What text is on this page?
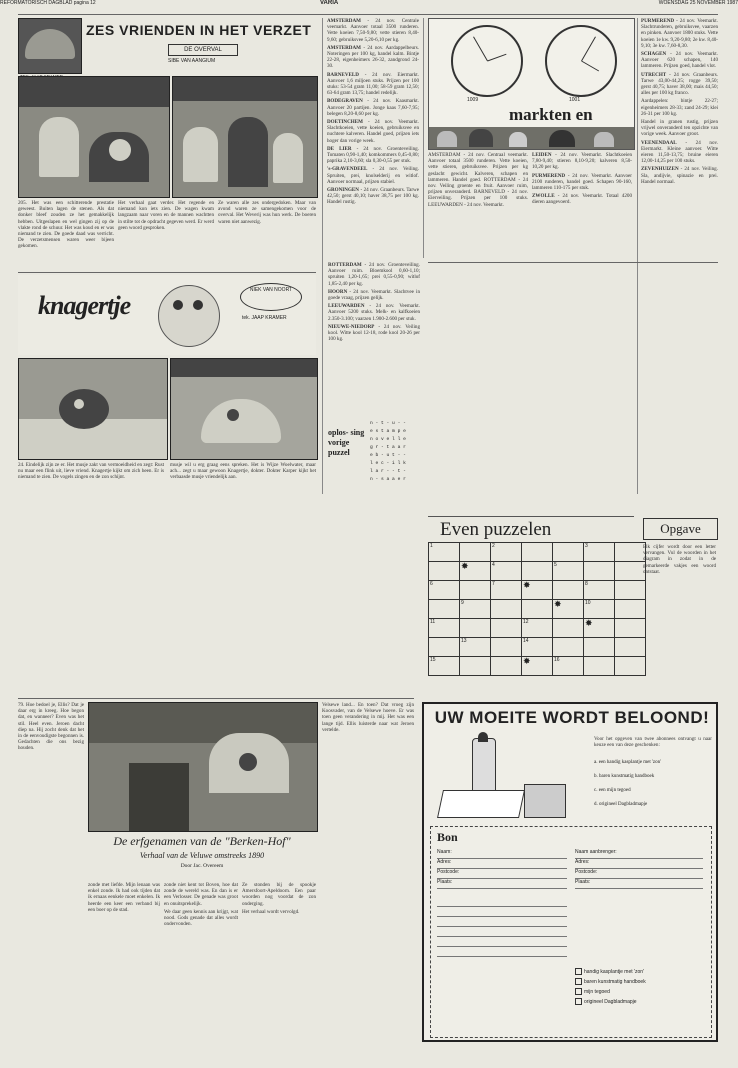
REFORMATORISCH DAGBLAD pagina 12	VARIA	WOENSDAG 25 NOVEMBER 1987
ZES VRIENDEN IN HET VERZET
DE OVERVAL
SIBE VAN AANGIUM
205. Het was een schitterende prestatie geweest. Buiten lagen de stenen. Als dat donker bleef zouden ze het gemakkelijk hebben. Uitgeslapen en wel gingen zij op de vlakte rond de schuur. Het was koud en er was niemand te zien. De goede daad was verricht. De verzetsmensen waren weer bijeen gekomen.
Het verhaal gaat verder. Het regende en niemand kon iets zien. De wagen kwam langzaam naar voren en de mannen wachtten in stilte tot de opdracht gegeven werd. Er werd geen woord gesproken.
Ze waren alle zes ondergedoken. Maar van avond waren ze samengekomen voor de overval. Het Weverij was hun werk. De boeren waren niet aanwezig.

AMSTERDAM - 24 nov. Centrale veemarkt. Aanvoer totaal 3500 runderen. Vette koeien 7,50-9,80; vette stieren 8,40-9,60; gebruiksvee 5,20-6,10 per kg.

AMSTERDAM - 24 nov. Aardappelbeurs. Noteringen per 100 kg, handel kalm. Bintje 22-28, eigenheimers 26-32, zandgrond 24-30.

BARNEVELD - 24 nov. Eiermarkt. Aanvoer 1,6 miljoen stuks. Prijzen per 100 stuks: 53-54 gram 11,00; 58-59 gram 12,50; 63-64 gram 13,75; handel redelijk.

BODEGRAVEN - 24 nov. Kaasmarkt. Aanvoer 20 partijen. Jonge kaas 7,60-7,95; belegen 8,20-8,60 per kg.

DOETINCHEM - 24 nov. Veemarkt. Slachtkoeien, vette koeien, gebruiksvee en nuchtere kalveren. Handel goed, prijzen iets hoger dan vorige week.

DE LIER - 24 nov. Groenteveiling. Tomaten 0,90-1,40; komkommers 0,45-0,80; paprika 2,10-3,60; sla 0,30-0,55 per stuk.

's-GRAVENDEEL - 24 nov. Veiling. Spruiten, prei, knolselderij en witlof. Aanvoer normaal, prijzen stabiel.

GRONINGEN - 24 nov. Graanbeurs. Tarwe 42,50; gerst 40,10; haver 38,75 per 100 kg. Handel rustig.

1009	1001
markten en
AMSTERDAM - 24 nov. Centraal veemarkt. Aanvoer totaal 3500 runderen. Vette koeien, vette stieren, gebruiksvee. Prijzen per kg geslacht gewicht. Kalveren, schapen en lammeren. Handel goed. ROTTERDAM - 24 nov. Veiling groente en fruit. Aanvoer ruim, prijzen onveranderd. BARNEVELD - 24 nov. Eierveiling. Prijzen per 100 stuks. LEEUWARDEN - 24 nov. Veemarkt.

LEIDEN - 24 nov. Veemarkt. Slachtkoeien 7,80-9,40; stieren 8,10-9,20; kalveren 8,50-10,20 per kg.

PURMEREND - 24 nov. Veemarkt. Aanvoer 2100 runderen, handel goed. Schapen 90-160, lammeren 110-175 per stuk.

ZWOLLE - 24 nov. Veemarkt. Totaal 4200 dieren aangevoerd.

PURMEREND - 24 nov. Veemarkt. Slachtrunderen, gebruiksvee, vaarzen en pinken. Aanvoer 1800 stuks. Vette koeien 1e kw. 9,20-9,80; 2e kw. 8,40-9,10; 3e kw. 7,60-8,30.

SCHAGEN - 24 nov. Veemarkt. Aanvoer 620 schapen, 140 lammeren. Prijzen goed, handel vlot.

UTRECHT - 24 nov. Graanbeurs. Tarwe 43,00-44,25; rogge 39,50; gerst 40,75; haver 38,00; mais 44,50; alles per 100 kg franco.

Aardappelen: bintje 22-27; eigenheimers 28-33; zand 24-29; klei 26-31 per 100 kg.

Handel in granen rustig, prijzen vrijwel onveranderd ten opzichte van vorige week. Aanvoer groot.

VEENENDAAL - 24 nov. Eiermarkt. Kleine aanvoer. Witte eieren 11,50-13,75; bruine eieren 12,00-14,25 per 100 stuks.

ZEVENHUIZEN - 24 nov. Veiling. Sla, andijvie, spinazie en prei. Handel normaal.

knagertje
NIEK VAN NOORT
tek. JAAP KRAMER
24. Eindelijk zijn ze er. Het musje zakt van vermoeidheid en zegt: Rust nu maar een flink uit, lieve vriend. Knagertje kijkt om zich heen. Er is niemand te zien. De vogels zingen en de zon schijnt.
musje wil u erg graag eens spreken. Het is Wijze Woelwater, maar ach... zegt u maar gewoon Knagertje, dokter. Dokter Karper kijkt het verbaasde musje vriendelijk aan.

ROTTERDAM - 24 nov. Groenteveiling. Aanvoer ruim. Bloemkool 0,60-1,10; spruiten 1,20-1,65; prei 0,55-0,90; witlof 1,85-2,40 per kg.

HOORN - 24 nov. Veemarkt. Slachtvee in goede vraag, prijzen gelijk.

LEEUWARDEN - 24 nov. Veemarkt. Aanvoer 5200 stuks. Melk- en kalfkoeien 2.350-3.100; vaarzen 1.900-2.600 per stuk.

NIEUWE-NIEDORP - 24 nov. Veiling kool. Witte kool 12-18, rode kool 20-26 per 100 kg.

oplos- sing vorige puzzel
n - t - u - -
e s t a m p e
n o v e l l e
g r - t a a r
e b - u t - -
l e c - i l k
l a r - - t -
n - s a a e r
Even puzzelen
1		2			3	
	✸	4		5		
6		7	✸		8	
	9			✸	10	
11			12		✸	
	13		14			
15			✸	16		
Opgave
Elk cijfer wordt door een letter vervangen. Vul de woorden in het diagram in zodat in de gemarkeerde vakjes een woord ontstaat.
79. Hoe bedoel je, Ellis? Dat je daar erg in kreeg. Hoe begon dat, en wanneer? Even was het stil. Heel even. Jeroen dacht diep na. Hij zocht denk dat het in de eenvoudigste begonnen is. Gedachten die ons bezig houden.
De erfgenamen van de "Berken-Hof"
Verhaal van de Veluwe omstreeks 1890
Door Jac. Overeem
zonde met liefde. Mijn lenaan was enkel zonde. Ik had ook tijden dat ik ernaas eenkele moet enkelen. Ik heerde een keer een verband bij een boer op de stad.

zonde niet kent tot Boven, hoe dat zonde de wereld was. En dan is er een Verlosser. De genade was groot en onuitsprekelijk.

We daar geen kennis aan krijgt, wat nood. Gods genade dat alles wordt ondervonden.

Ze stonden bij de spookje Amersfoort-Apeldoorn. Een paar woorden nog voordat de zon onderging.

Het verhaal wordt vervolgd.

Velsewe land... En toen? Dat vroeg zijn Koosvader, van de Velsewe hoeve. Er was toen geen verandering in mij. Het was een lange tijd. Ellis luisterde naar wat Jeroen vertelde.
UW MOEITE WORDT BELOOND!
Voor het opgeven van twee abonnees ontvangt u naar keuze een van deze geschenken:
a. een handig kasplantje met 'zon'
b. baren kunstmatig handboek
c. een mijn tegoed
d. origineel Dagbladmapje
Bon
Naam:
Adres:
Postcode:
Plaats:
Naam aanbrenger:
Adres:
Postcode:
Plaats:
handig kasplantje met 'zon'
baren kunstmatig handboek
mijn tegoed
origineel Dagbladmapje
